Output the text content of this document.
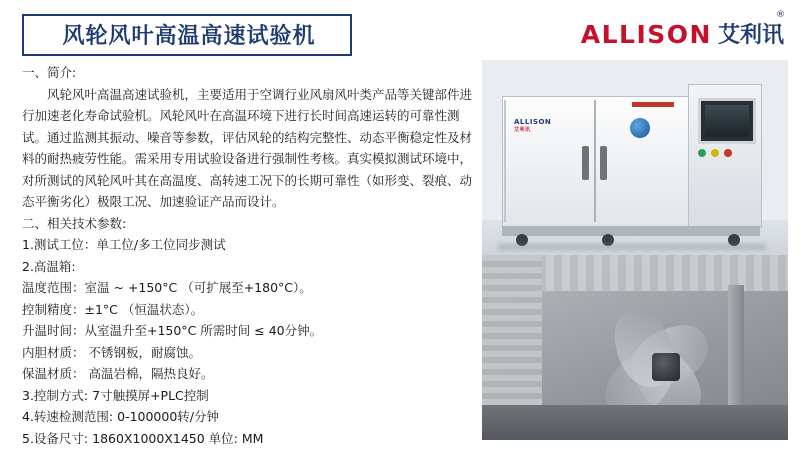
风轮风叶高温高速试验机	ALLISON 艾利讯
®

一、简介:

风轮风叶高温高速试验机，主要适用于空调行业风扇风叶类产品等关键部件进行加速老化寿命试验机。风轮风叶在高温环境下进行长时间高速运转的可靠性测试。通过监测其振动、噪音等参数，评估风轮的结构完整性、动态平衡稳定性及材料的耐热疲劳性能。需采用专用试验设备进行强制性考核。真实模拟测试环境中，对所测试的风轮风叶其在高温度、高转速工况下的长期可靠性（如形变、裂痕、动态平衡劣化）极限工况、加速验证产品而设计。

二、相关技术参数:

1.测试工位：单工位/多工位同步测试

2.高温箱:

温度范围：室温 ~ +150°C （可扩展至+180°C）。

控制精度：±1°C （恒温状态）。

升温时间：从室温升至+150°C 所需时间 ≤ 40分钟。

内胆材质： 不锈钢板，耐腐蚀。

保温材质： 高温岩棉，隔热良好。

3.控制方式: 7寸触摸屏+PLC控制

4.转速检测范围: 0-100000转/分钟

5.设备尺寸: 1860X1000X1450 单位: MM

ALLISON
艾利讯
